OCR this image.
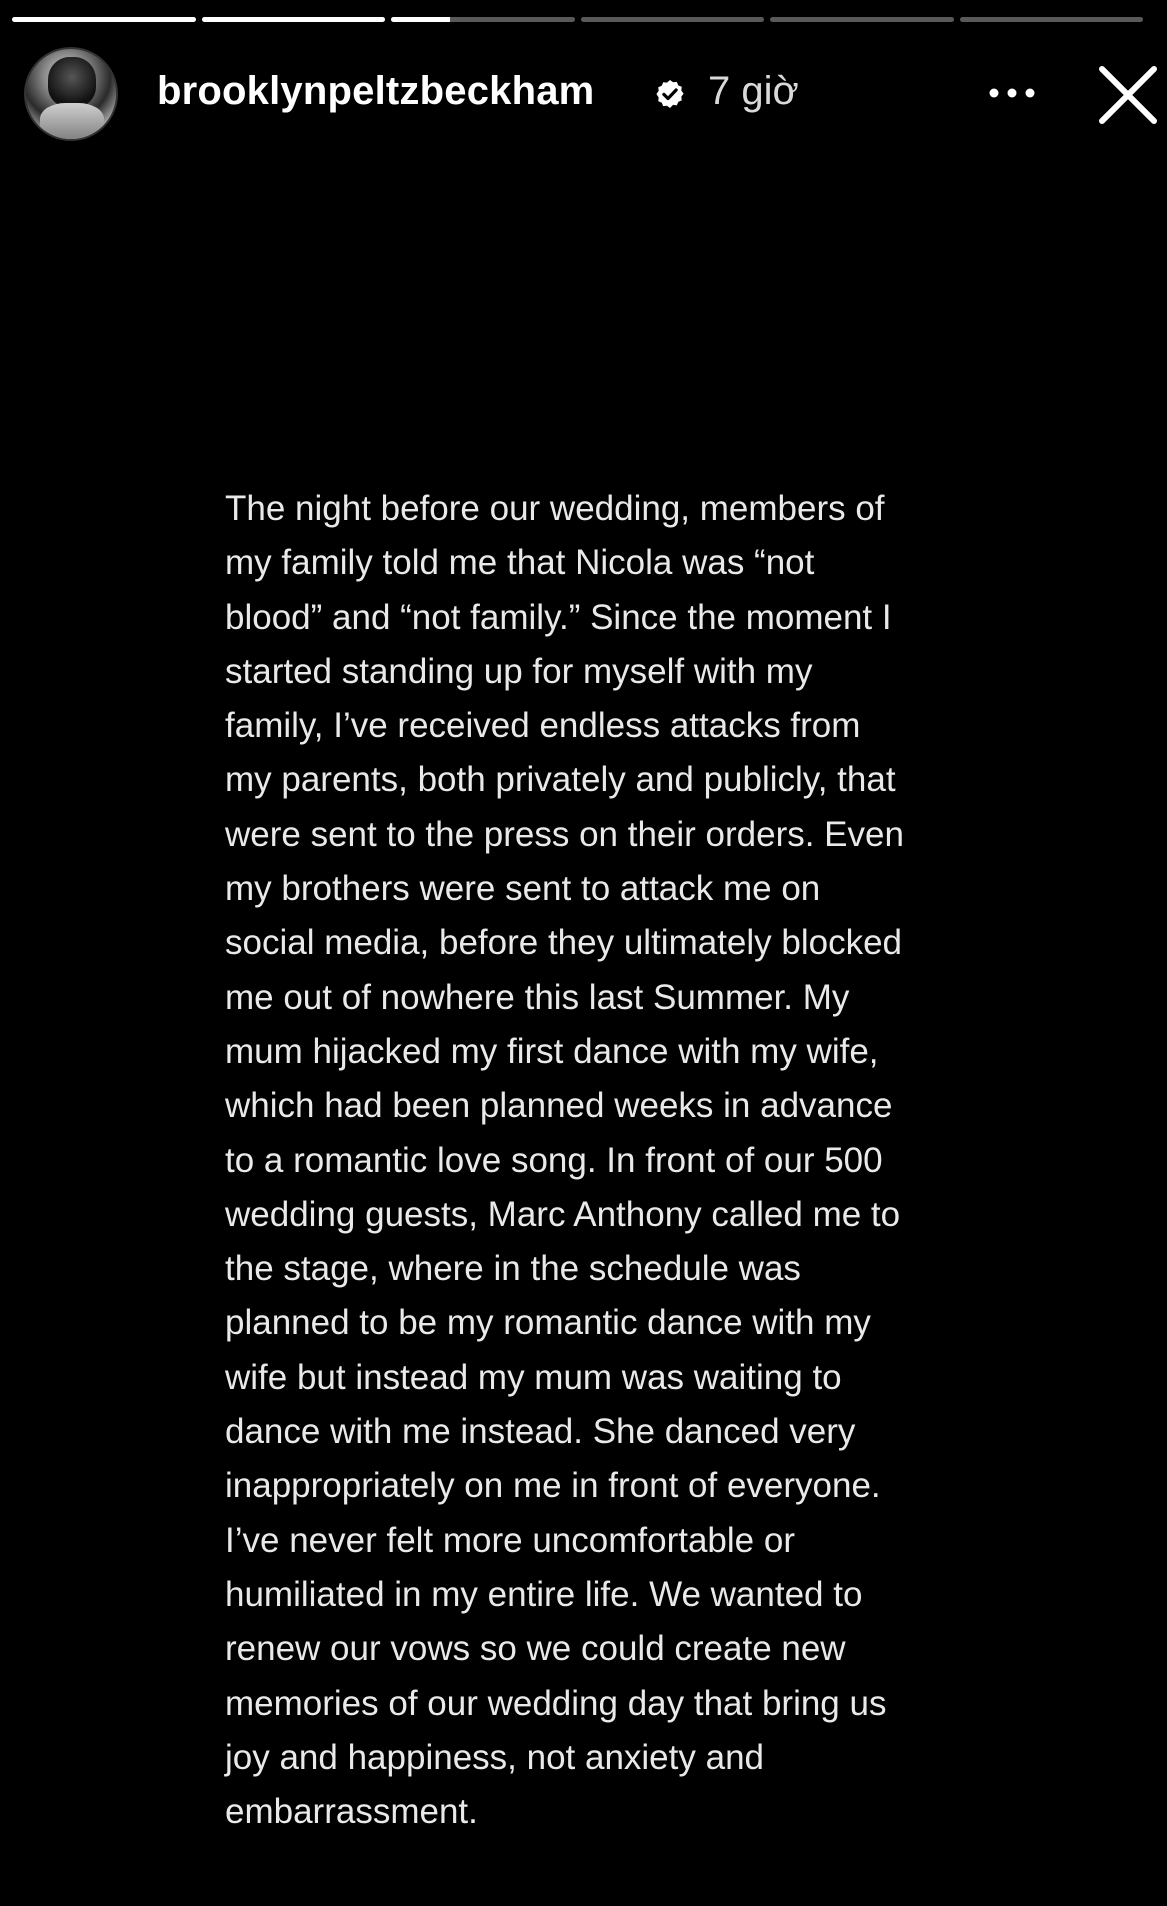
brooklynpeltzbeckham	7 giờ
The night before our wedding, members of
my family told me that Nicola was “not
blood” and “not family.” Since the moment I
started standing up for myself with my
family, I’ve received endless attacks from
my parents, both privately and publicly, that
were sent to the press on their orders. Even
my brothers were sent to attack me on
social media, before they ultimately blocked
me out of nowhere this last Summer. My
mum hijacked my first dance with my wife,
which had been planned weeks in advance
to a romantic love song. In front of our 500
wedding guests, Marc Anthony called me to
the stage, where in the schedule was
planned to be my romantic dance with my
wife but instead my mum was waiting to
dance with me instead. She danced very
inappropriately on me in front of everyone.
I’ve never felt more uncomfortable or
humiliated in my entire life. We wanted to
renew our vows so we could create new
memories of our wedding day that bring us
joy and happiness, not anxiety and
embarrassment.
